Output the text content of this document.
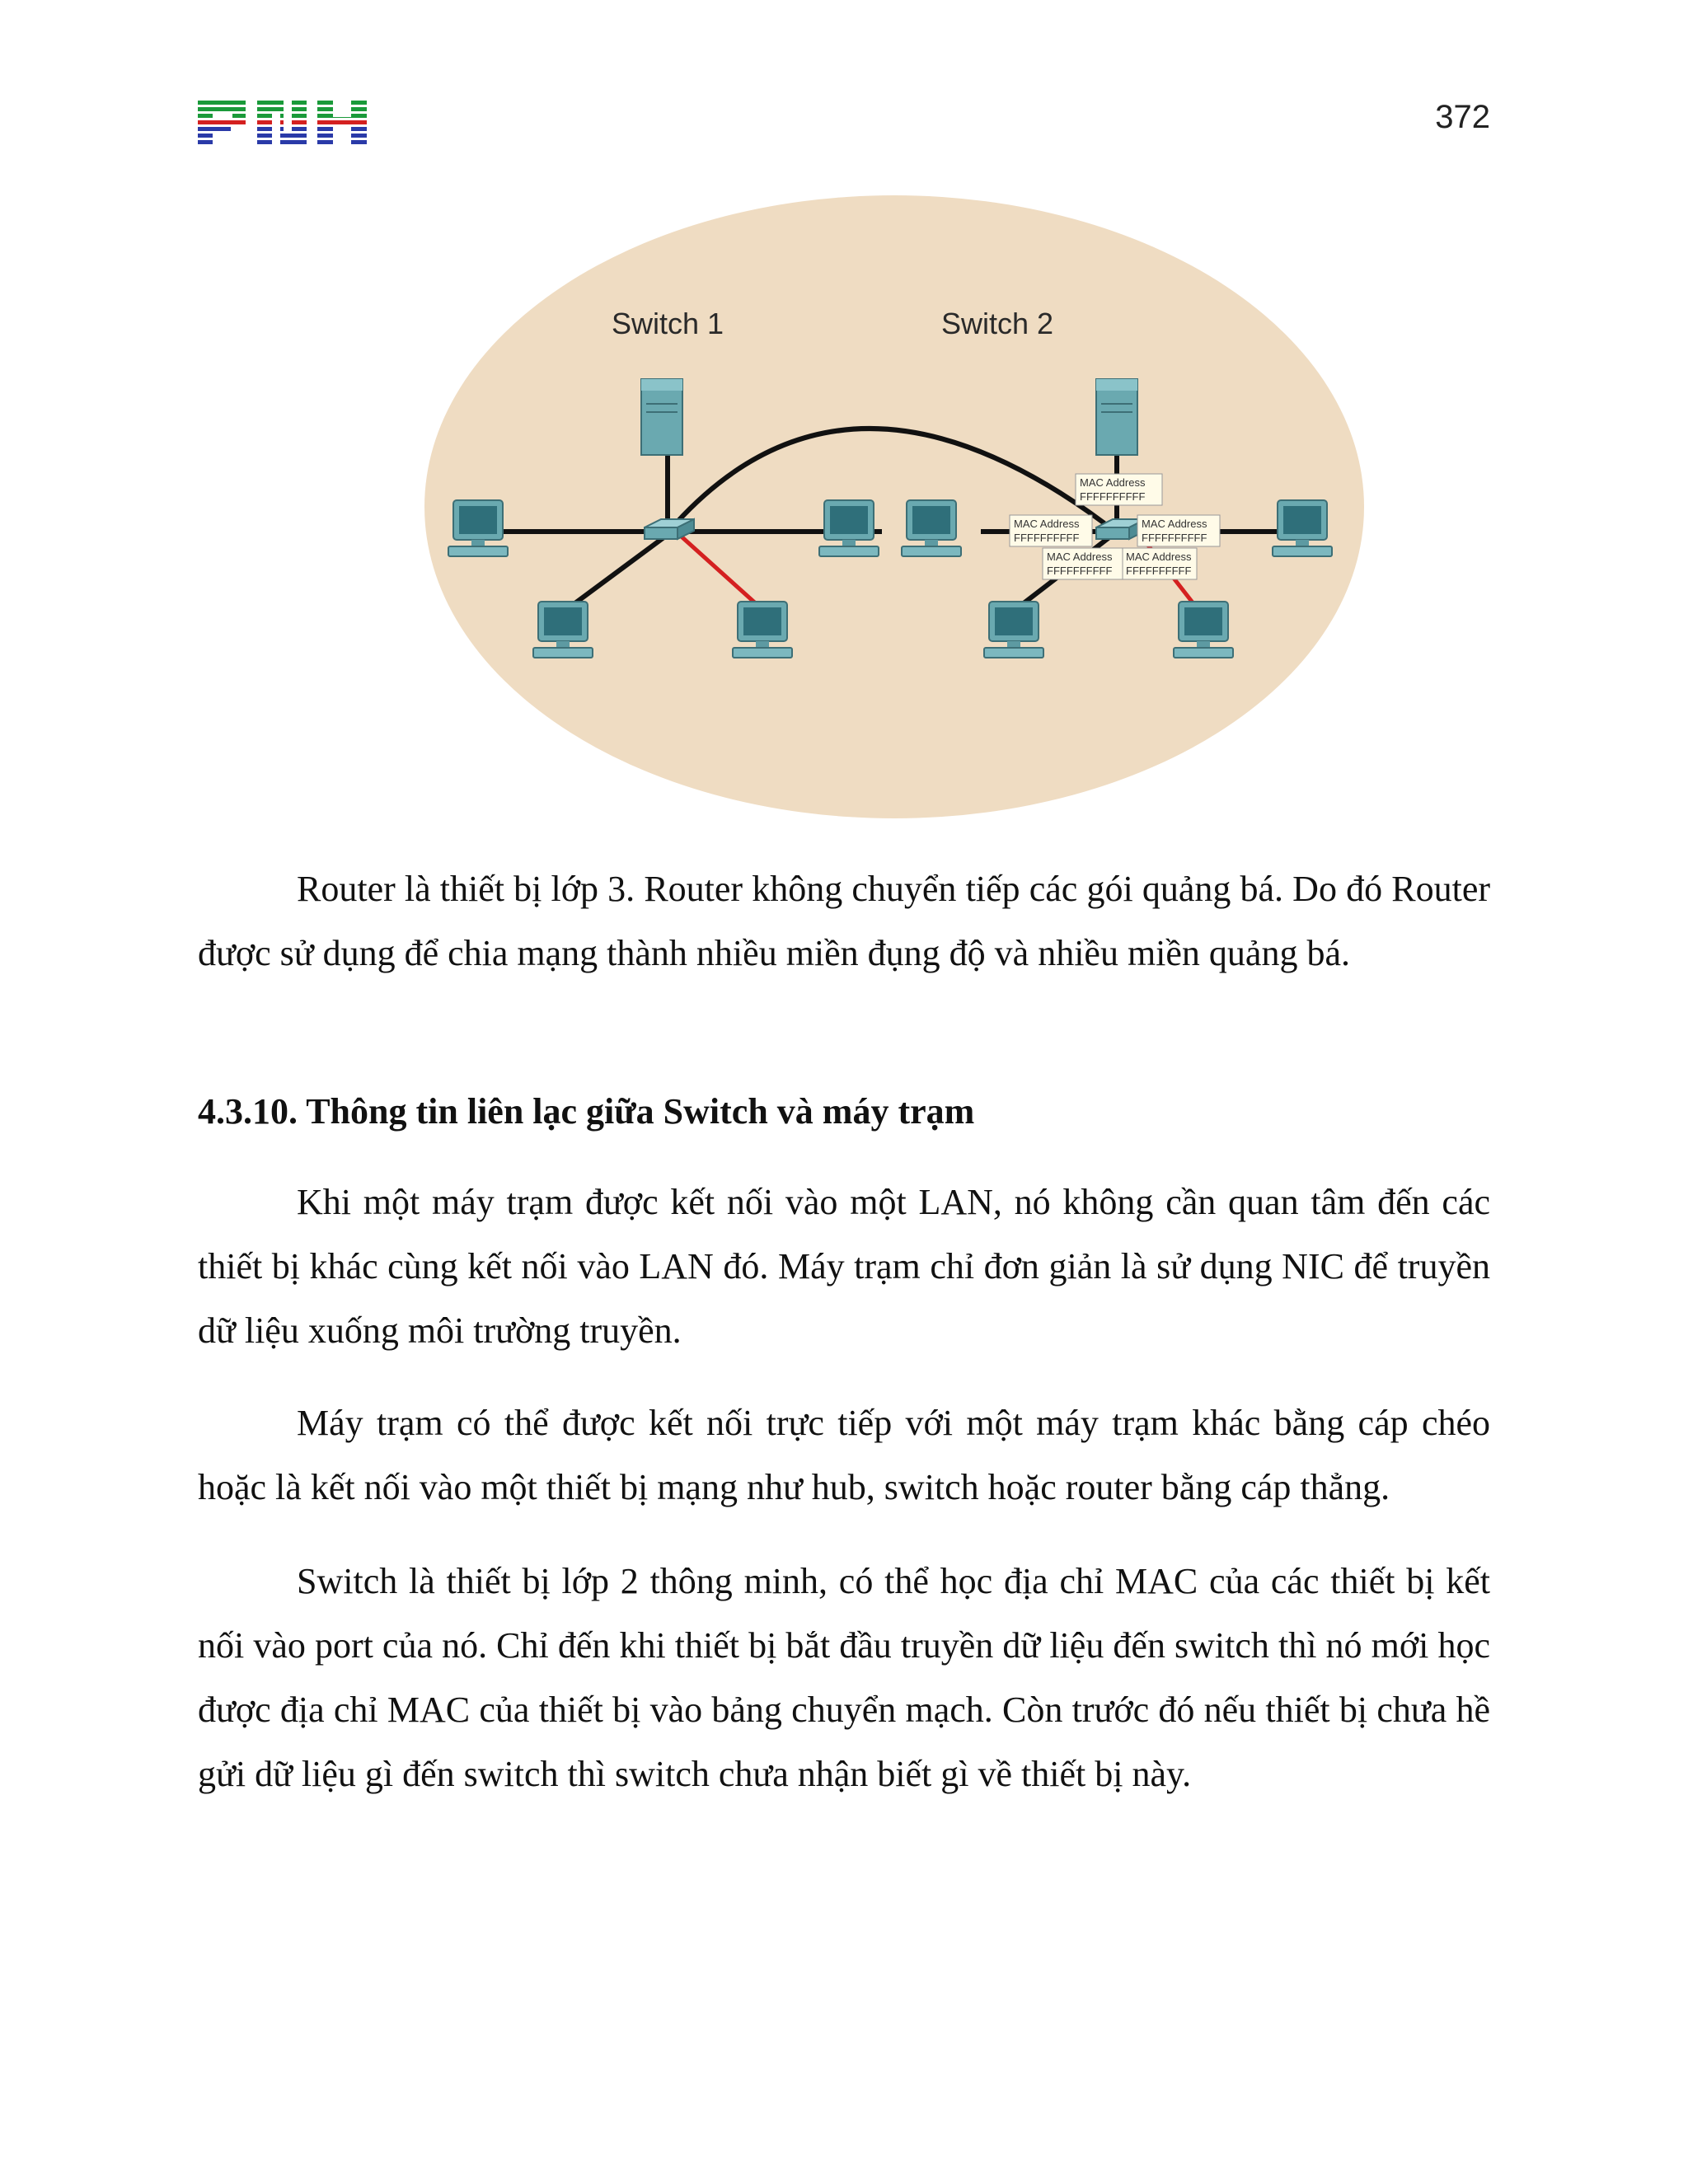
372
Switch 1	Switch 2
MAC Address
FFFFFFFFFF
MAC Address
FFFFFFFFFF
MAC Address
FFFFFFFFFF
MAC Address
FFFFFFFFFF
MAC Address
FFFFFFFFFF

Router là thiết bị lớp 3. Router không chuyển tiếp các gói quảng bá. Do đó Router được sử dụng để chia mạng thành nhiều miền đụng độ và nhiều miền quảng bá.

4.3.10. Thông tin liên lạc giữa Switch và máy trạm

Khi một máy trạm được kết nối vào một LAN, nó không cần quan tâm đến các thiết bị khác cùng kết nối vào LAN đó. Máy trạm chỉ đơn giản là sử dụng NIC để truyền dữ liệu xuống môi trường truyền.

Máy trạm có thể được kết nối trực tiếp với một máy trạm khác bằng cáp chéo hoặc là kết nối vào một thiết bị mạng như hub, switch hoặc router bằng cáp thẳng.

Switch là thiết bị lớp 2 thông minh, có thể học địa chỉ MAC của các thiết bị kết nối vào port của nó. Chỉ đến khi thiết bị bắt đầu truyền dữ liệu đến switch thì nó mới học được địa chỉ MAC của thiết bị vào bảng chuyển mạch. Còn trước đó nếu thiết bị chưa hề gửi dữ liệu gì đến switch thì switch chưa nhận biết gì về thiết bị này.
